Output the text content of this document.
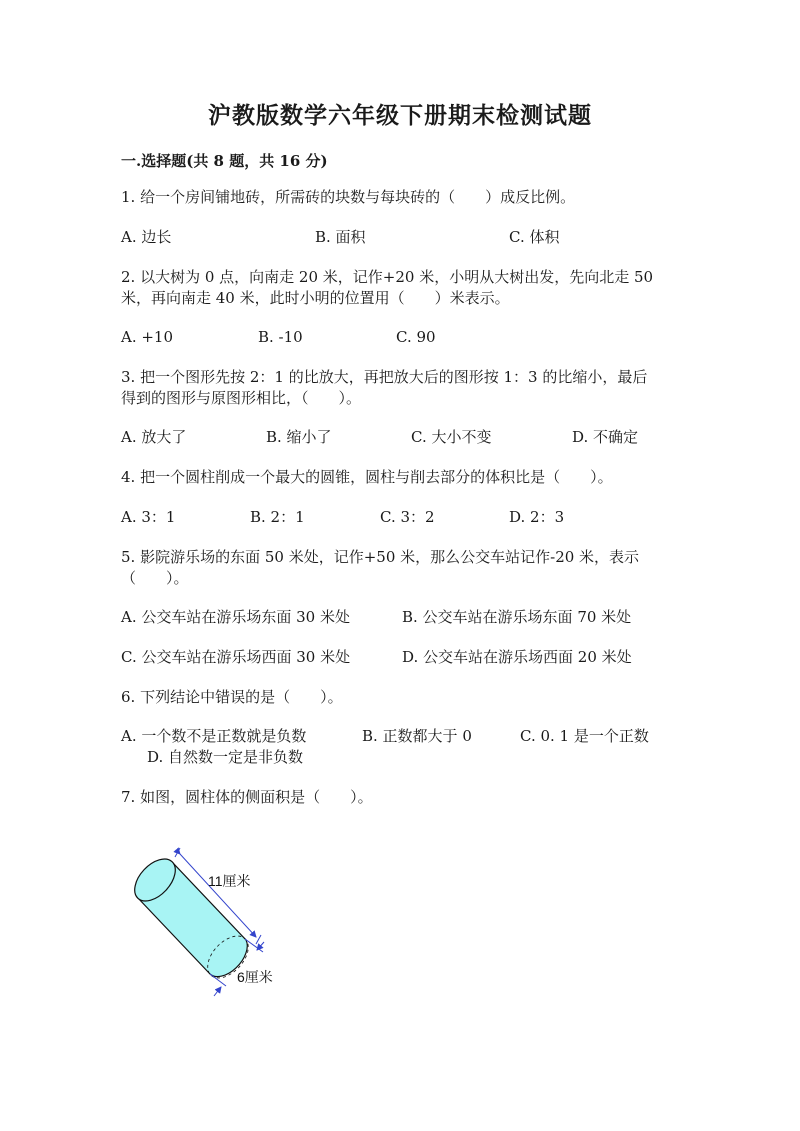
沪教版数学六年级下册期末检测试题
一.选择题(共 8 题，共 16 分)
1. 给一个房间铺地砖，所需砖的块数与每块砖的（　　）成反比例。
A. 边长	B. 面积	C. 体积
2. 以大树为 0 点，向南走 20 米，记作+20 米，小明从大树出发，先向北走 50
米，再向南走 40 米，此时小明的位置用（　　）米表示。
A. +10	B. -10	C. 90
3. 把一个图形先按 2：1 的比放大，再把放大后的图形按 1：3 的比缩小，最后
得到的图形与原图形相比，（　　）。
A. 放大了	B. 缩小了	C. 大小不变	D. 不确定
4. 把一个圆柱削成一个最大的圆锥，圆柱与削去部分的体积比是（　　）。
A. 3：1	B. 2：1	C. 3：2	D. 2：3
5. 影院游乐场的东面 50 米处，记作+50 米，那么公交车站记作-20 米，表示
（　　）。
A. 公交车站在游乐场东面 30 米处	B. 公交车站在游乐场东面 70 米处
C. 公交车站在游乐场西面 30 米处	D. 公交车站在游乐场西面 20 米处
6. 下列结论中错误的是（　　）。
A. 一个数不是正数就是负数	B. 正数都大于 0	C. 0. 1 是一个正数
D. 自然数一定是非负数
7. 如图，圆柱体的侧面积是（　　）。
11厘米
6厘米
